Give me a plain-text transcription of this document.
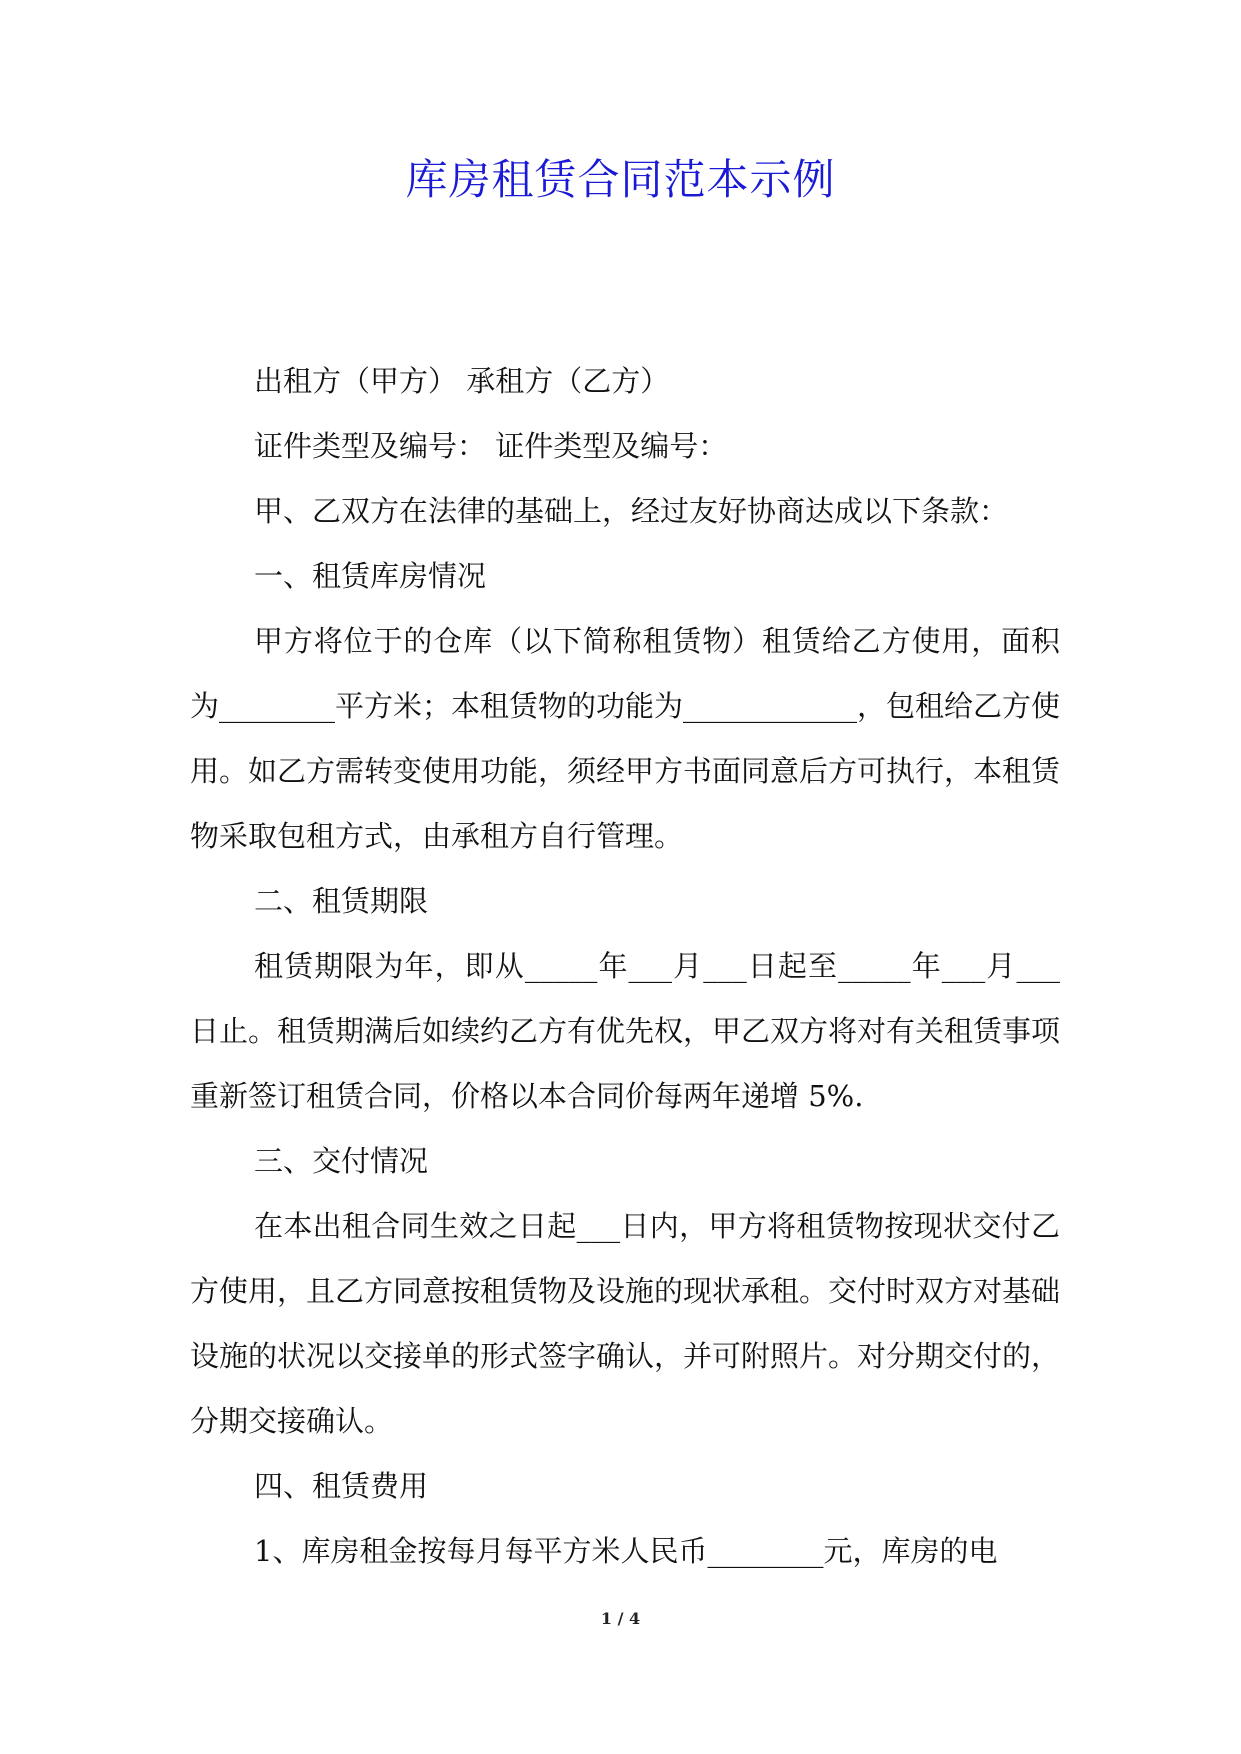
库房租赁合同范本示例

出租方（甲方） 承租方（乙方）

证件类型及编号： 证件类型及编号：

甲、乙双方在法律的基础上，经过友好协商达成以下条款：

一、租赁库房情况

甲方将位于的仓库（以下简称租赁物）租赁给乙方使用，面积为________平方米；本租赁物的功能为____________，包租给乙方使用。如乙方需转变使用功能，须经甲方书面同意后方可执行，本租赁物采取包租方式，由承租方自行管理。

二、租赁期限

租赁期限为年，即从_____年___月___日起至_____年___月___日止。租赁期满后如续约乙方有优先权，甲乙双方将对有关租赁事项重新签订租赁合同，价格以本合同价每两年递增 5%.

三、交付情况

在本出租合同生效之日起___日内，甲方将租赁物按现状交付乙方使用，且乙方同意按租赁物及设施的现状承租。交付时双方对基础设施的状况以交接单的形式签字确认，并可附照片。对分期交付的，分期交接确认。

四、租赁费用

1、库房租金按每月每平方米人民币________元，库房的电

1 / 4
